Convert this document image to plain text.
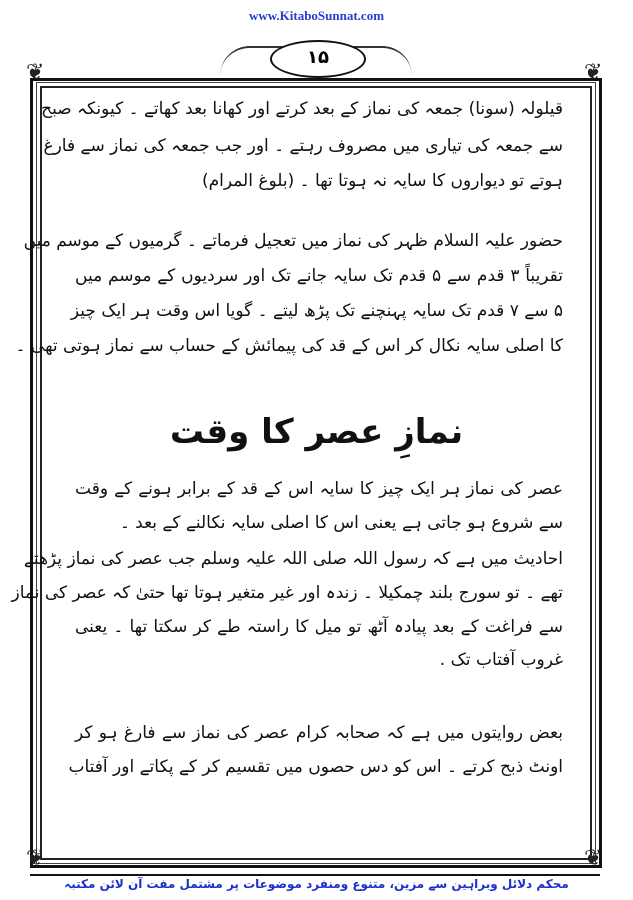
www.KitaboSunnat.com
❦	❦
❦	❦
۱۵
قیلولہ (سونا) جمعہ کی نماز کے بعد کرتے اور کھانا بعد کھاتے ۔ کیونکہ صبح
سے جمعہ کی تیاری میں مصروف رہتے ۔ اور جب جمعہ کی نماز سے فارغ
ہوتے تو دیواروں کا سایہ نہ ہوتا تھا ۔ (بلوغ المرام)
حضور علیہ السلام ظہر کی نماز میں تعجیل فرماتے ۔ گرمیوں کے موسم میں
تقریباً ۳ قدم سے ۵ قدم تک سایہ جانے تک اور سردیوں کے موسم میں
۵ سے ۷ قدم تک سایہ پہنچنے تک پڑھ لیتے ۔ گویا اس وقت ہر ایک چیز
کا اصلی سایہ نکال کر اس کے قد کی پیمائش کے حساب سے نماز ہوتی تھی ۔
نمازِ عصر کا وقت
عصر کی نماز ہر ایک چیز کا سایہ اس کے قد کے برابر ہونے کے وقت
سے شروع ہو جاتی ہے یعنی اس کا اصلی سایہ نکالنے کے بعد ۔
احادیث میں ہے کہ رسول اللہ صلی اللہ علیہ وسلم جب عصر کی نماز پڑھتے
تھے ۔ تو سورج بلند چمکیلا ۔ زندہ اور غیر متغیر ہوتا تھا حتیٰ کہ عصر کی نماز
سے فراغت کے بعد پیادہ آٹھ تو میل کا راستہ طے کر سکتا تھا ۔ یعنی
غروب آفتاب تک .
بعض روایتوں میں ہے کہ صحابہ کرام عصر کی نماز سے فارغ ہو کر
اونٹ ذبح کرتے ۔ اس کو دس حصوں میں تقسیم کر کے پکاتے اور آفتاب
محکم دلائل وبراہین سے مزین، متنوع ومنفرد موضوعات پر مشتمل مفت آن لائن مکتبہ
